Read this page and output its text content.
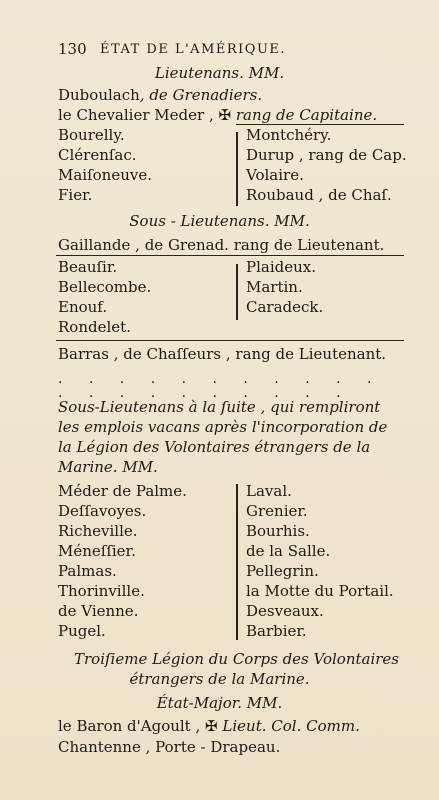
130 ÉTAT DE L'AMÉRIQUE.
Lieutenans. MM.
Duboulach, de Grenadiers.
le Chevalier Meder , ✠ rang de Capitaine.
Bourelly.
Clérenſac.
Maiſoneuve.
Fier.
Montchéry.
Durup , rang de Cap.
Volaire.
Roubaud , de Chaſ.
Sous - Lieutenans. MM.
Gaillande , de Grenad. rang de Lieutenant.
Beauſir.
Bellecombe.
Enouf.
Rondelet.
Plaideux.
Martin.
Caradeck.
Barras , de Chaſſeurs , rang de Lieutenant.
. . . . . . . . . . . . . . . . . . . . .
Sous-Lieutenans à la ſuite , qui rempliront
les emplois vacans après l'incorporation de
la Légion des Volontaires étrangers de la
Marine. MM.
Méder de Palme.
Deſſavoyes.
Richeville.
Méneſſier.
Palmas.
Thorinville.
de Vienne.
Pugel.
Laval.
Grenier.
Bourhis.
de la Salle.
Pellegrin.
la Motte du Portail.
Desveaux.
Barbier.
Troiſieme Légion du Corps des Volontaires
étrangers de la Marine.
État-Major. MM.
le Baron d'Agoult , ✠ Lieut. Col. Comm.
Chantenne , Porte - Drapeau.
